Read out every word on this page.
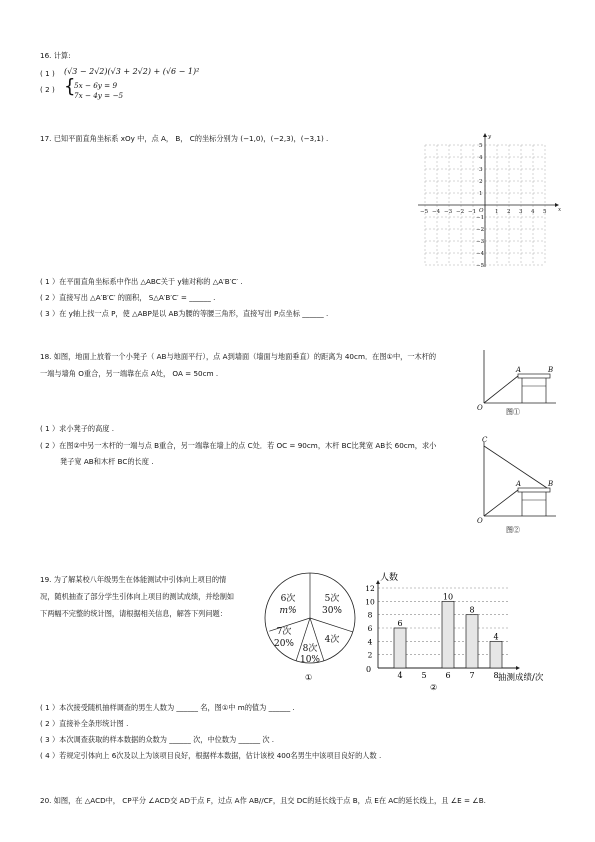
16. 计算:
( 1 ) (√3 − 2√2)(√3 + 2√2) + (√6 − 1)²
( 2 ) {
5x − 6y = 9
7x − 4y = −5
17. 已知平面直角坐标系 xOy 中，点 A， B， C的坐标分别为 (−1,0)，(−2,3)，(−3,1) .
−5 −4 −3 −2 −1	1 2 3 4 5
5
4
3
2
1
−1
−2
−3
−4
−5
O	x
y
( 1 ）在平面直角坐标系中作出 △ABC关于 y轴对称的 △A′B′C′ .
( 2 ）直接写出 △A′B′C′ 的面积， S△A′B′C′ = ______ .
( 3 ）在 y轴上找一点 P，使 △ABP是以 AB为腰的等腰三角形，直接写出 P点坐标 ______ .
18. 如图，地面上放着一个小凳子（ AB与地面平行），点 A到墙面（墙面与地面垂直）的距离为 40cm．在图①中，一木杆的
一端与墙角 O重合，另一端靠在点 A处， OA = 50cm .	A	B
O	图①
( 1 ）求小凳子的高度 .
( 2 ）在图②中另一木杆的一端与点 B重合，另一端靠在墙上的点 C处．若 OC = 90cm，木杆 BC比凳宽 AB长 60cm，求小
凳子宽 AB和木杆 BC的长度 .
C
A	B
O
图②
19. 为了解某校八年级男生在体能测试中引体向上项目的情
况，随机抽查了部分学生引体向上项目的测试成绩，并绘制如
下两幅不完整的统计图，请根据相关信息，解答下列问题：
6次
m%
5次
30%
4次
8次
10%
7次
20%
①
人数
抽测成绩/次
0
②
2
4
6
8
10
12
6
4 5
10
6
8
7
4
8
( 1 ）本次接受随机抽样调查的男生人数为 ______ 名，图①中 m的值为 ______ .
( 2 ）直接补全条形统计图 .
( 3 ）本次调查获取的样本数据的众数为 ______ 次，中位数为 ______ 次 .
( 4 ）若规定引体向上 6次及以上为该项目良好，根据样本数据，估计该校 400名男生中该项目良好的人数 .
20. 如图，在 △ACD中， CP平分 ∠ACD交 AD于点 F，过点 A作 AB//CF，且交 DC的延长线于点 B，点 E在 AC的延长线上，且 ∠E = ∠B.
